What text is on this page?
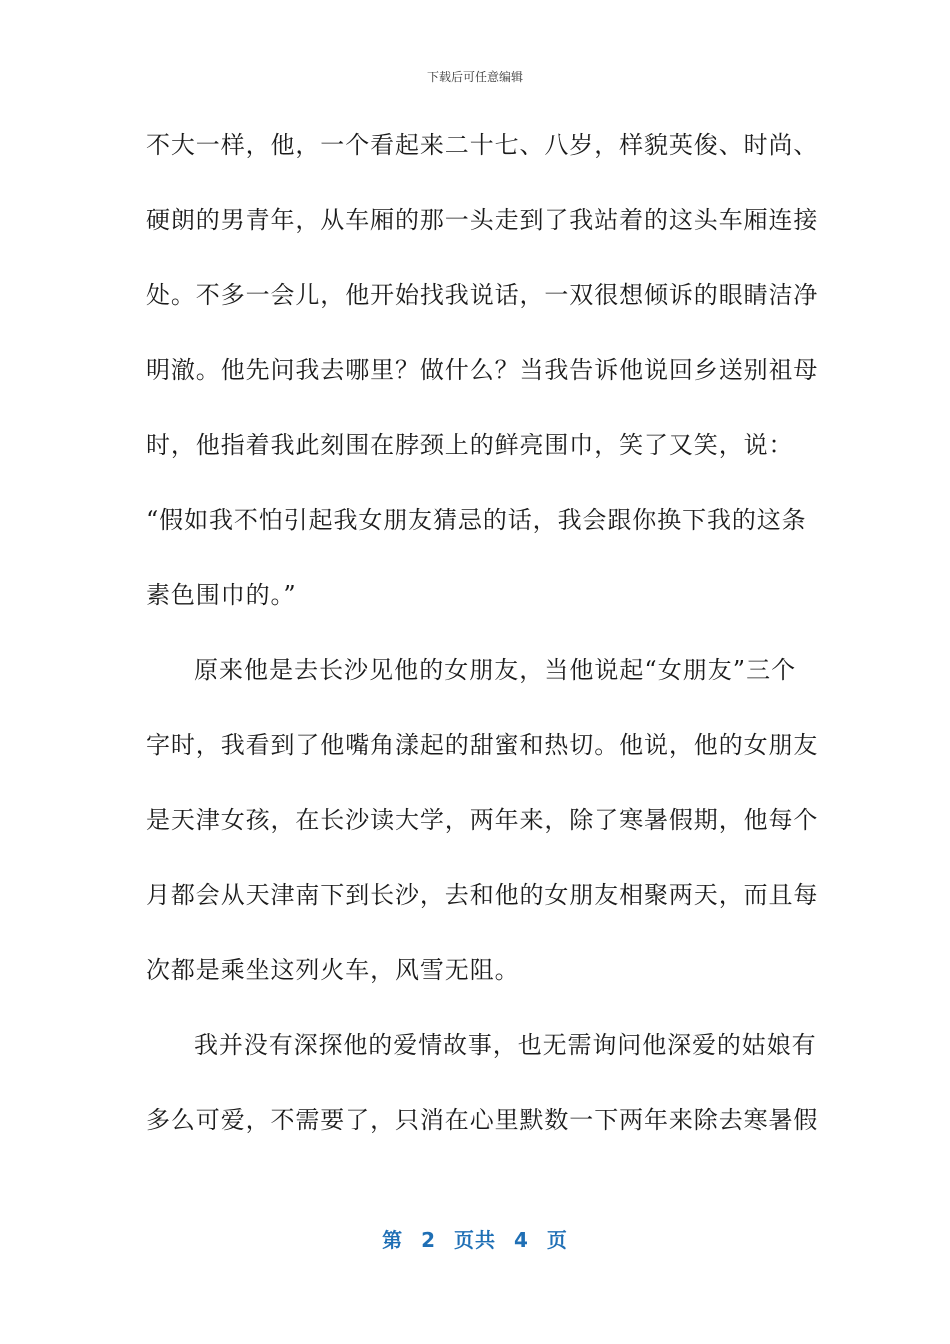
下载后可任意编辑
不大一样，他，一个看起来二十七、八岁，样貌英俊、时尚、
硬朗的男青年，从车厢的那一头走到了我站着的这头车厢连接
处。不多一会儿，他开始找我说话，一双很想倾诉的眼睛洁净
明澈。他先问我去哪里？做什么？当我告诉他说回乡送别祖母
时，他指着我此刻围在脖颈上的鲜亮围巾，笑了又笑，说：
“假如我不怕引起我女朋友猜忌的话，我会跟你换下我的这条
素色围巾的。”
原来他是去长沙见他的女朋友，当他说起“女朋友”三个
字时，我看到了他嘴角漾起的甜蜜和热切。他说，他的女朋友
是天津女孩，在长沙读大学，两年来，除了寒暑假期，他每个
月都会从天津南下到长沙，去和他的女朋友相聚两天，而且每
次都是乘坐这列火车，风雪无阻。
我并没有深探他的爱情故事，也无需询问他深爱的姑娘有
多么可爱，不需要了，只消在心里默数一下两年来除去寒暑假
第 2 页共 4 页
